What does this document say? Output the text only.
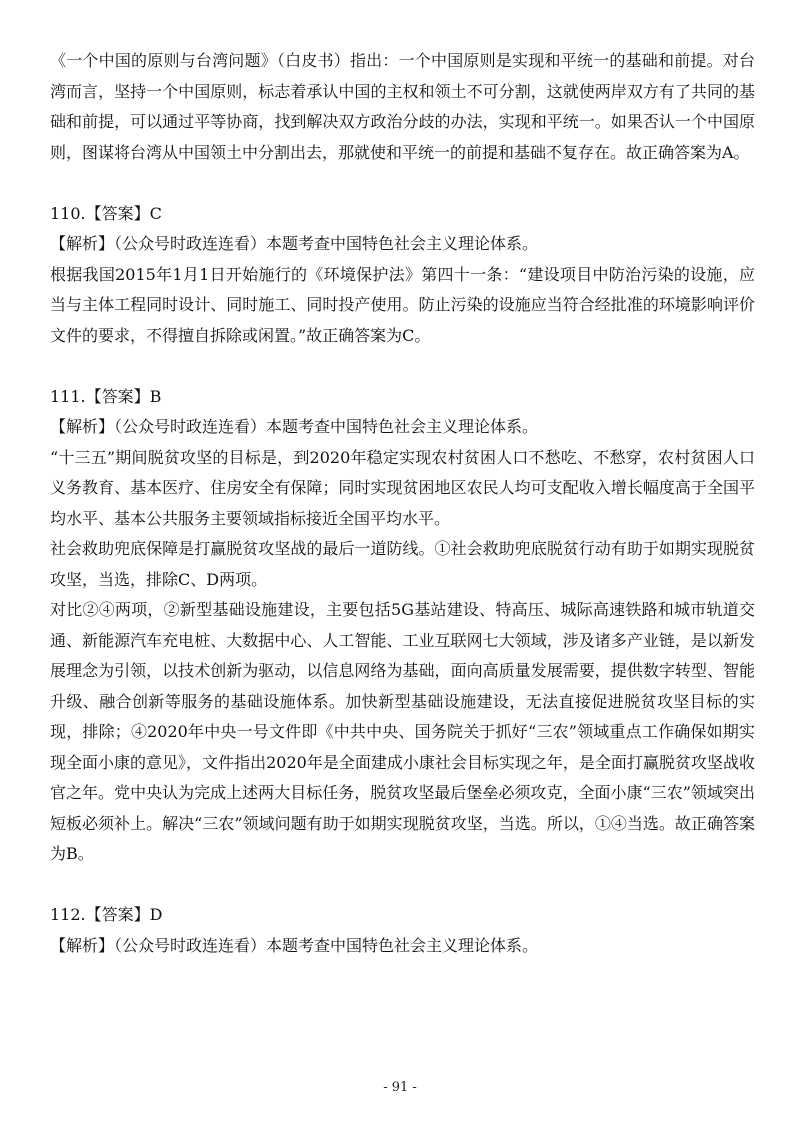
《一个中国的原则与台湾问题》（白皮书）指出：一个中国原则是实现和平统一的基础和前提。对台湾而言，坚持一个中国原则，标志着承认中国的主权和领土不可分割，这就使两岸双方有了共同的基础和前提，可以通过平等协商，找到解决双方政治分歧的办法，实现和平统一。如果否认一个中国原则，图谋将台湾从中国领土中分割出去，那就使和平统一的前提和基础不复存在。故正确答案为A。

110.【答案】C

【解析】（公众号时政连连看）本题考查中国特色社会主义理论体系。

根据我国2015年1月1日开始施行的《环境保护法》第四十一条：“建设项目中防治污染的设施，应当与主体工程同时设计、同时施工、同时投产使用。防止污染的设施应当符合经批准的环境影响评价文件的要求，不得擅自拆除或闲置。”故正确答案为C。

111.【答案】B

【解析】（公众号时政连连看）本题考查中国特色社会主义理论体系。

“十三五”期间脱贫攻坚的目标是，到2020年稳定实现农村贫困人口不愁吃、不愁穿，农村贫困人口义务教育、基本医疗、住房安全有保障；同时实现贫困地区农民人均可支配收入增长幅度高于全国平均水平、基本公共服务主要领域指标接近全国平均水平。

社会救助兜底保障是打赢脱贫攻坚战的最后一道防线。①社会救助兜底脱贫行动有助于如期实现脱贫攻坚，当选，排除C、D两项。

对比②④两项，②新型基础设施建设，主要包括5G基站建设、特高压、城际高速铁路和城市轨道交通、新能源汽车充电桩、大数据中心、人工智能、工业互联网七大领域，涉及诸多产业链，是以新发展理念为引领，以技术创新为驱动，以信息网络为基础，面向高质量发展需要，提供数字转型、智能升级、融合创新等服务的基础设施体系。加快新型基础设施建设，无法直接促进脱贫攻坚目标的实现，排除；④2020年中央一号文件即《中共中央、国务院关于抓好“三农”领域重点工作确保如期实现全面小康的意见》，文件指出2020年是全面建成小康社会目标实现之年，是全面打赢脱贫攻坚战收官之年。党中央认为完成上述两大目标任务，脱贫攻坚最后堡垒必须攻克，全面小康“三农”领域突出短板必须补上。解决“三农”领域问题有助于如期实现脱贫攻坚，当选。所以，①④当选。故正确答案为B。

112.【答案】D

【解析】（公众号时政连连看）本题考查中国特色社会主义理论体系。

- 91 -
